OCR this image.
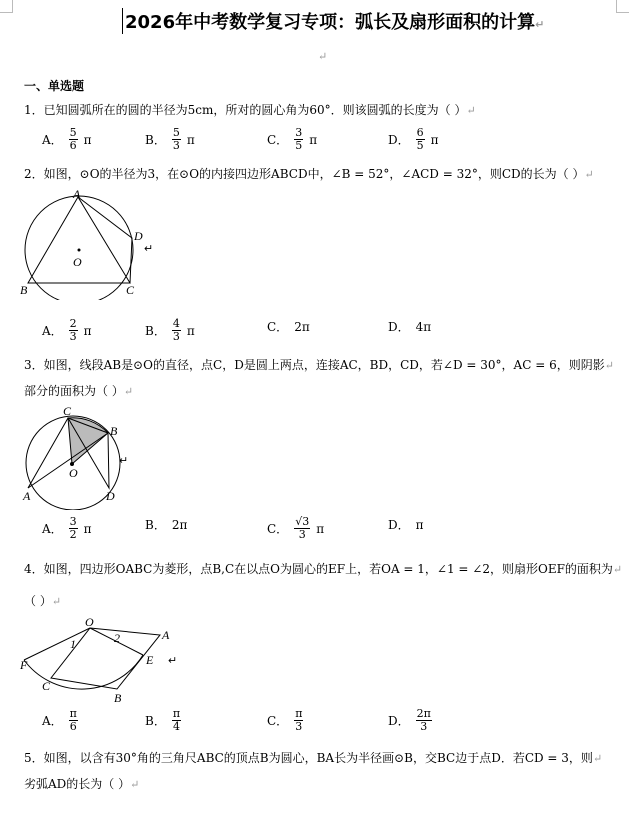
2026年中考数学复习专项：弧长及扇形面积的计算↵
↵
一、单选题
1．已知圆弧所在的圆的半径为5cm，所对的圆心角为60°．则该圆弧的长度为（ ）↵
A． $\frac{5}{6}$ π	B． $\frac{5}{3}$ π	C． $\frac{3}{5}$ π	D． $\frac{6}{5}$ π
2．如图，⊙O的半径为3，在⊙O的内接四边形ABCD中，∠B = 52°，∠ACD = 32°，则CD的长为（ ）↵
A
B	C
D
O
↵
A． $\frac{2}{3}$ π	B． $\frac{4}{3}$ π	C． 2π	D． 4π
3．如图，线段AB是⊙O的直径，点C，D是圆上两点，连接AC，BD，CD，若∠D = 30°，AC = 6，则阴影↵
部分的面积为（ ）↵
C
B
O
A	D
↵
A． $\frac{3}{2}$ π	B． 2π	C． $\frac{√3}{3}$ π	D． π
4．如图，四边形OABC为菱形，点B,C在以点O为圆心的EF上，若OA = 1，∠1 = ∠2，则扇形OEF的面积为↵
（ ）↵
O
A
E
F
C
B
1	2
↵
A． $\frac{\pi}{6}$	B． $\frac{\pi}{4}$	C． $\frac{\pi}{3}$	D． $\frac{2\pi}{3}$
5．如图，以含有30°角的三角尺ABC的顶点B为圆心，BA长为半径画⊙B，交BC边于点D．若CD = 3，则↵
劣弧AD的长为（ ）↵
